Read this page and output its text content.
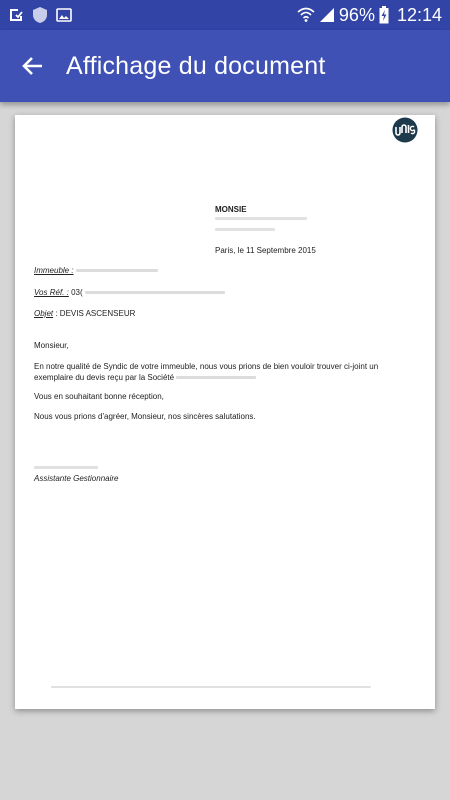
96% 12:14
Affichage du document
MONSIE
Paris, le 11 Septembre 2015
Immeuble :
Vos Réf. : 03(
Objet : DEVIS ASCENSEUR
Monsieur,
En notre qualité de Syndic de votre immeuble, nous vous prions de bien vouloir trouver ci-joint un exemplaire du devis reçu par la Société
Vous en souhaitant bonne réception,
Nous vous prions d'agréer, Monsieur, nos sincères salutations.
Assistante Gestionnaire
